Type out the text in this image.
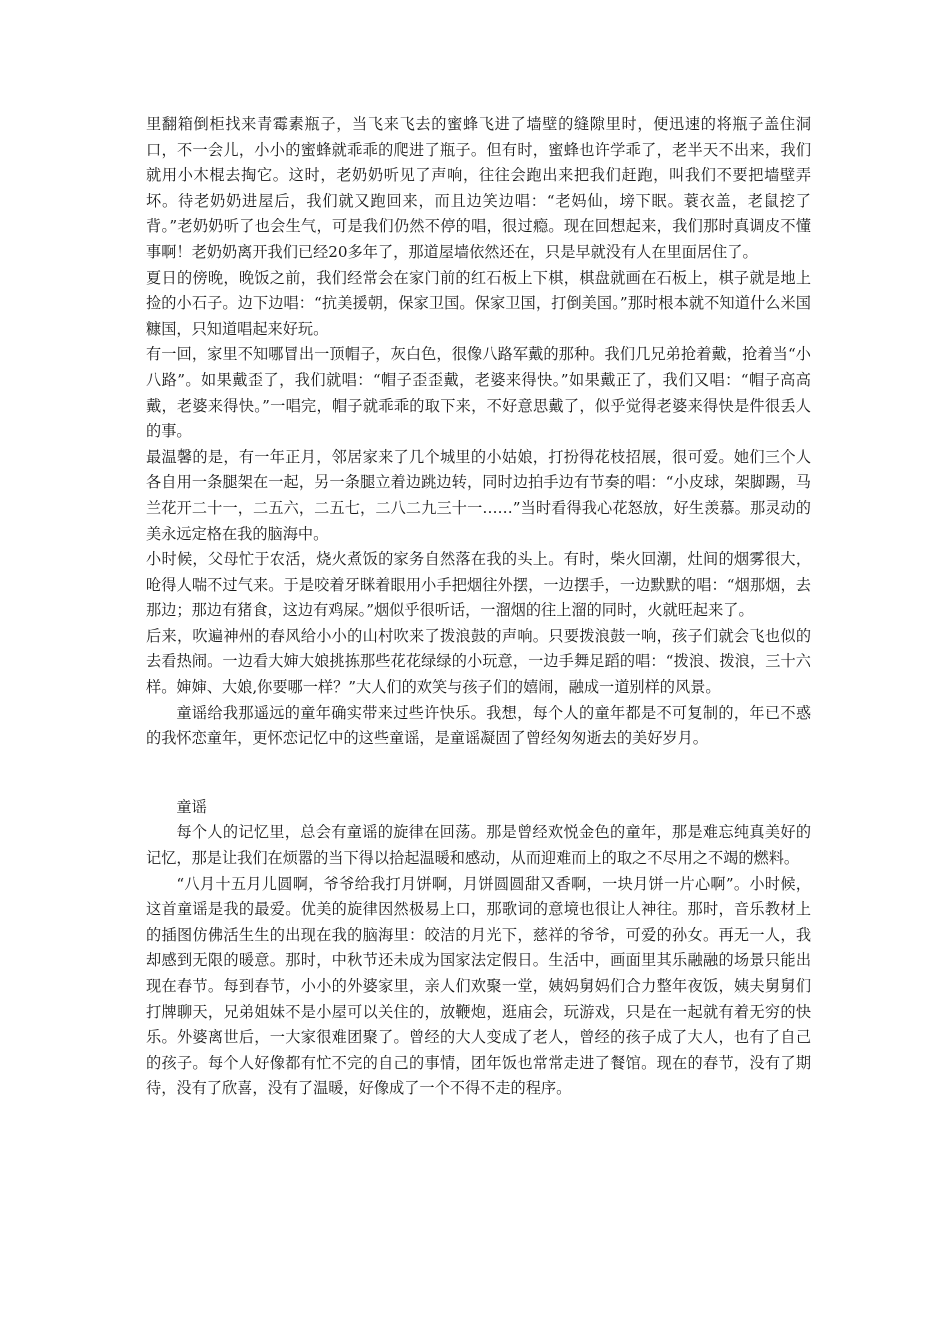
里翻箱倒柜找来青霉素瓶子，当飞来飞去的蜜蜂飞进了墙壁的缝隙里时，便迅速的将瓶子盖住洞口，不一会儿，小小的蜜蜂就乖乖的爬进了瓶子。但有时，蜜蜂也许学乖了，老半天不出来，我们就用小木棍去掏它。这时，老奶奶听见了声响，往往会跑出来把我们赶跑，叫我们不要把墙壁弄坏。待老奶奶进屋后，我们就又跑回来，而且边笑边唱：“老妈仙，塝下眠。蓑衣盖，老鼠挖了背。”老奶奶听了也会生气，可是我们仍然不停的唱，很过瘾。现在回想起来，我们那时真调皮不懂事啊！老奶奶离开我们已经20多年了，那道屋墙依然还在，只是早就没有人在里面居住了。

夏日的傍晚，晚饭之前，我们经常会在家门前的红石板上下棋，棋盘就画在石板上，棋子就是地上捡的小石子。边下边唱：“抗美援朝，保家卫国。保家卫国，打倒美国。”那时根本就不知道什么米国糠国，只知道唱起来好玩。

有一回，家里不知哪冒出一顶帽子，灰白色，很像八路军戴的那种。我们几兄弟抢着戴，抢着当“小八路”。如果戴歪了，我们就唱：“帽子歪歪戴，老婆来得快。”如果戴正了，我们又唱：“帽子高高戴，老婆来得快。”一唱完，帽子就乖乖的取下来，不好意思戴了，似乎觉得老婆来得快是件很丢人的事。

最温馨的是，有一年正月，邻居家来了几个城里的小姑娘，打扮得花枝招展，很可爱。她们三个人各自用一条腿架在一起，另一条腿立着边跳边转，同时边拍手边有节奏的唱：“小皮球，架脚踢，马兰花开二十一，二五六，二五七，二八二九三十一……”当时看得我心花怒放，好生羡慕。那灵动的美永远定格在我的脑海中。

小时候，父母忙于农活，烧火煮饭的家务自然落在我的头上。有时，柴火回潮，灶间的烟雾很大，呛得人喘不过气来。于是咬着牙眯着眼用小手把烟往外摆，一边摆手，一边默默的唱：“烟那烟，去那边；那边有猪食，这边有鸡屎。”烟似乎很听话，一溜烟的往上溜的同时，火就旺起来了。

后来，吹遍神州的春风给小小的山村吹来了拨浪鼓的声响。只要拨浪鼓一响，孩子们就会飞也似的去看热闹。一边看大婶大娘挑拣那些花花绿绿的小玩意，一边手舞足蹈的唱：“拨浪、拨浪，三十六样。婶婶、大娘,你要哪一样？”大人们的欢笑与孩子们的嬉闹，融成一道别样的风景。

童谣给我那遥远的童年确实带来过些许快乐。我想，每个人的童年都是不可复制的，年已不惑的我怀恋童年，更怀恋记忆中的这些童谣，是童谣凝固了曾经匆匆逝去的美好岁月。

童谣

每个人的记忆里，总会有童谣的旋律在回荡。那是曾经欢悦金色的童年，那是难忘纯真美好的记忆，那是让我们在烦嚣的当下得以拾起温暖和感动，从而迎难而上的取之不尽用之不竭的燃料。

“八月十五月儿圆啊，爷爷给我打月饼啊，月饼圆圆甜又香啊，一块月饼一片心啊”。小时候，这首童谣是我的最爱。优美的旋律因然极易上口，那歌词的意境也很让人神往。那时，音乐教材上的插图仿佛活生生的出现在我的脑海里：皎洁的月光下，慈祥的爷爷，可爱的孙女。再无一人，我却感到无限的暖意。那时，中秋节还未成为国家法定假日。生活中，画面里其乐融融的场景只能出现在春节。每到春节，小小的外婆家里，亲人们欢聚一堂，姨妈舅妈们合力整年夜饭，姨夫舅舅们打牌聊天，兄弟姐妹不是小屋可以关住的，放鞭炮，逛庙会，玩游戏，只是在一起就有着无穷的快乐。外婆离世后，一大家很难团聚了。曾经的大人变成了老人，曾经的孩子成了大人，也有了自己的孩子。每个人好像都有忙不完的自己的事情，团年饭也常常走进了餐馆。现在的春节，没有了期待，没有了欣喜，没有了温暖，好像成了一个不得不走的程序。
